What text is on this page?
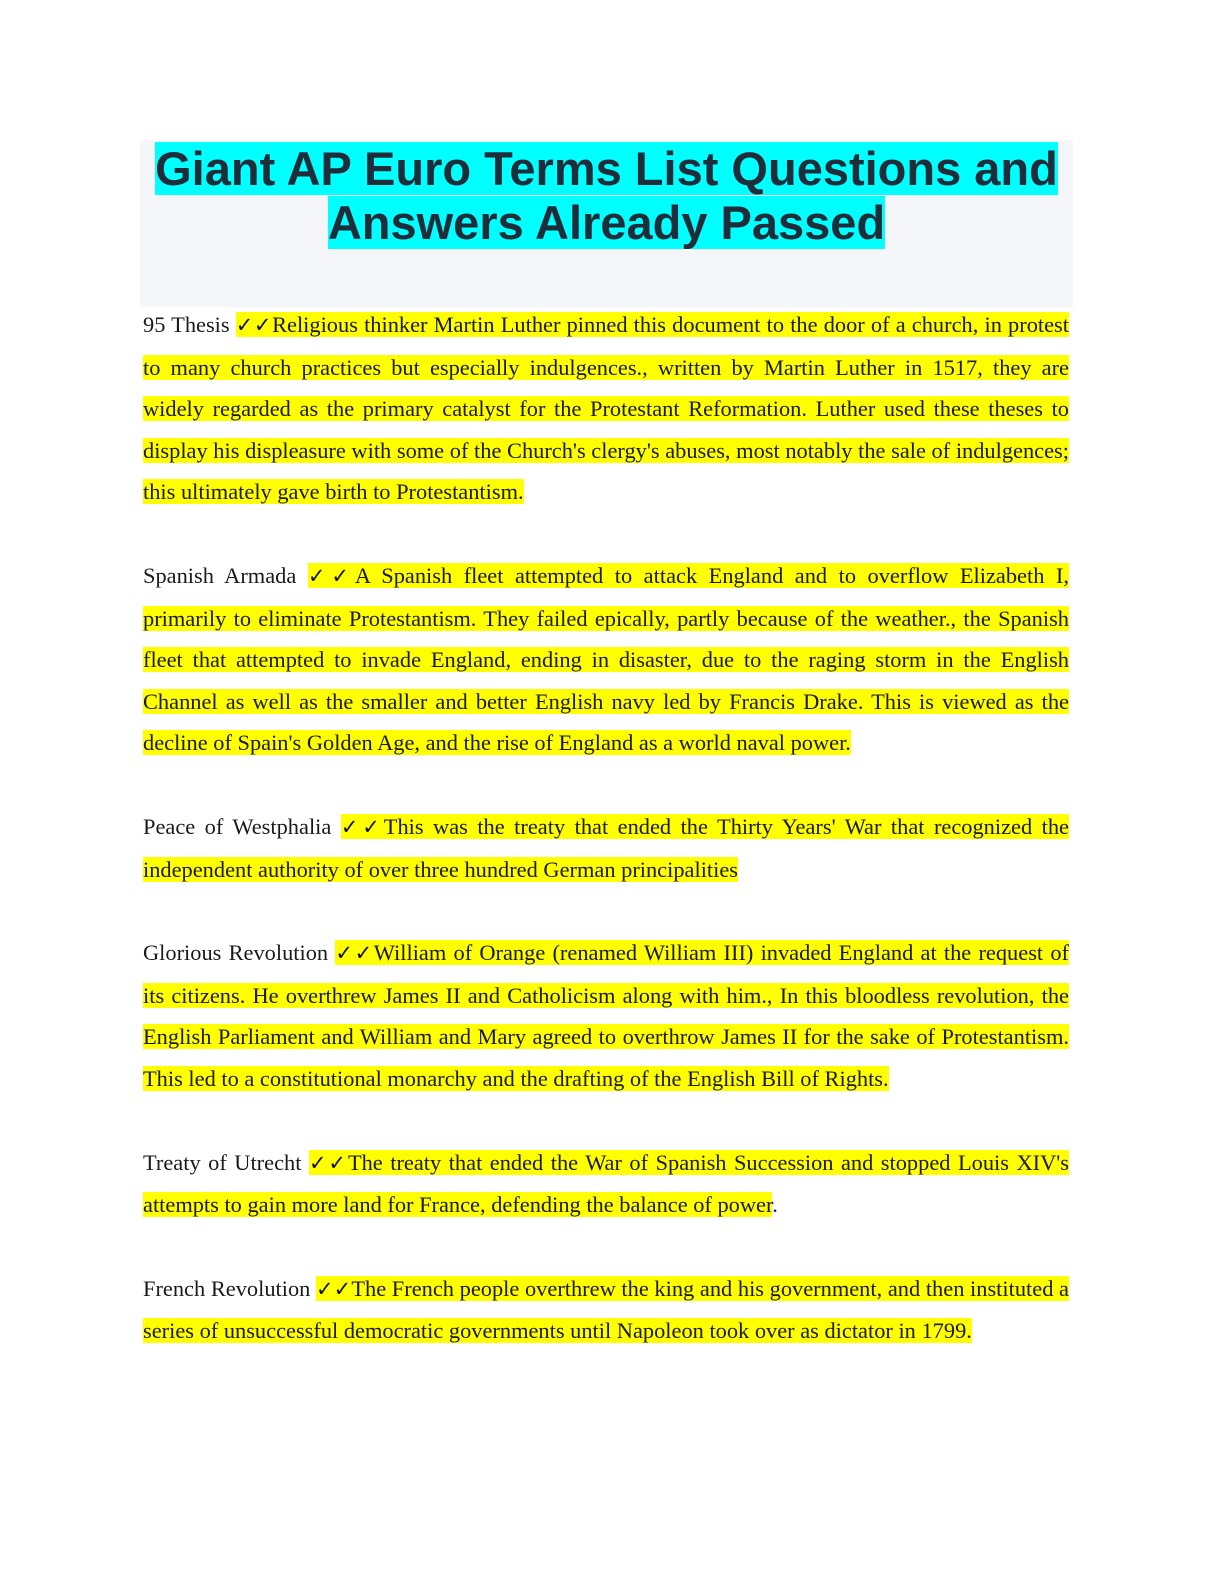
Giant AP Euro Terms List Questions and
Answers Already Passed

95 Thesis ✓✓Religious thinker Martin Luther pinned this document to the door of a church, in protest to many church practices but especially indulgences., written by Martin Luther in 1517, they are widely regarded as the primary catalyst for the Protestant Reformation. Luther used these theses to display his displeasure with some of the Church's clergy's abuses, most notably the sale of indulgences; this ultimately gave birth to Protestantism.

Spanish Armada ✓✓A Spanish fleet attempted to attack England and to overflow Elizabeth I, primarily to eliminate Protestantism. They failed epically, partly because of the weather., the Spanish fleet that attempted to invade England, ending in disaster, due to the raging storm in the English Channel as well as the smaller and better English navy led by Francis Drake. This is viewed as the decline of Spain's Golden Age, and the rise of England as a world naval power.

Peace of Westphalia ✓✓This was the treaty that ended the Thirty Years' War that recognized the independent authority of over three hundred German principalities

Glorious Revolution ✓✓William of Orange (renamed William III) invaded England at the request of its citizens. He overthrew James II and Catholicism along with him., In this bloodless revolution, the English Parliament and William and Mary agreed to overthrow James II for the sake of Protestantism. This led to a constitutional monarchy and the drafting of the English Bill of Rights.

Treaty of Utrecht ✓✓The treaty that ended the War of Spanish Succession and stopped Louis XIV's attempts to gain more land for France, defending the balance of power.

French Revolution ✓✓The French people overthrew the king and his government, and then instituted a series of unsuccessful democratic governments until Napoleon took over as dictator in 1799.
